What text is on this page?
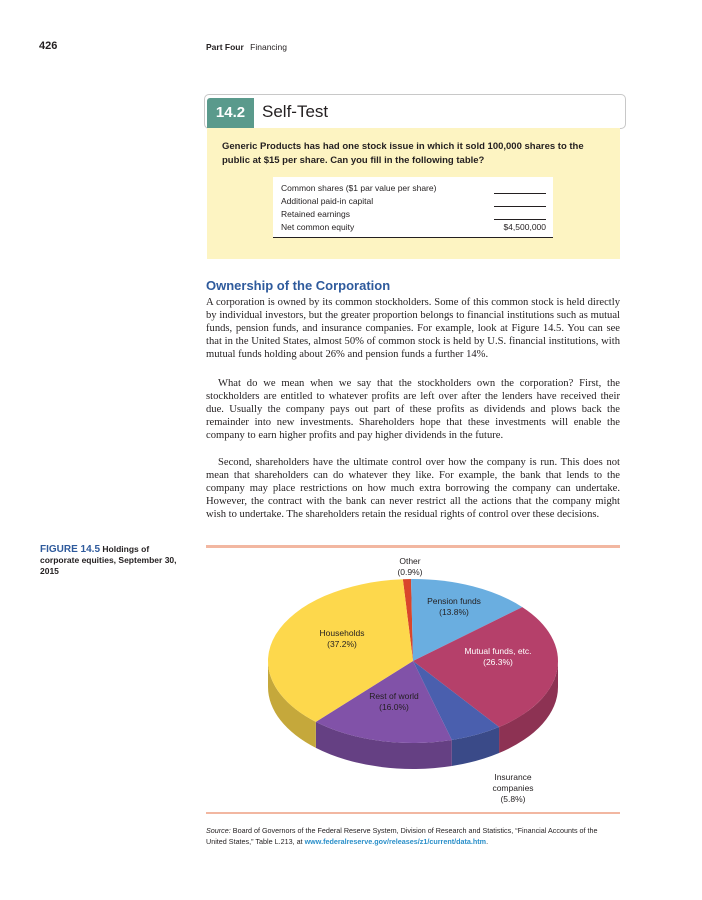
426	Part Four Financing
14.2 Self-Test
Generic Products has had one stock issue in which it sold 100,000 shares to the public at $15 per share. Can you fill in the following table?
Common shares ($1 par value per share)
Additional paid-in capital
Retained earnings
Net common equity	$4,500,000
Ownership of the Corporation
A corporation is owned by its common stockholders. Some of this common stock is held directly by individual investors, but the greater proportion belongs to financial institutions such as mutual funds, pension funds, and insurance companies. For example, look at Figure 14.5. You can see that in the United States, almost 50% of common stock is held by U.S. financial institutions, with mutual funds holding about 26% and pension funds a further 14%.
What do we mean when we say that the stockholders own the corporation? First, the stockholders are entitled to whatever profits are left over after the lenders have received their due. Usually the company pays out part of these profits as dividends and plows back the remainder into new investments. Shareholders hope that these investments will enable the company to earn higher profits and pay higher dividends in the future.
Second, shareholders have the ultimate control over how the company is run. This does not mean that shareholders can do whatever they like. For example, the bank that lends to the company may place restrictions on how much extra borrowing the company can undertake. However, the contract with the bank can never restrict all the actions that the company might wish to undertake. The shareholders retain the residual rights of control over these decisions.
FIGURE 14.5 Holdings of corporate equities, September 30, 2015
Other
(0.9%)
Pension funds
(13.8%)
Mutual funds, etc.
(26.3%)
Insurance companies
(5.8%)
Rest of world
(16.0%)
Households
(37.2%)
Source: Board of Governors of the Federal Reserve System, Division of Research and Statistics, “Financial Accounts of the United States,” Table L.213, at www.federalreserve.gov/releases/z1/current/data.htm.
